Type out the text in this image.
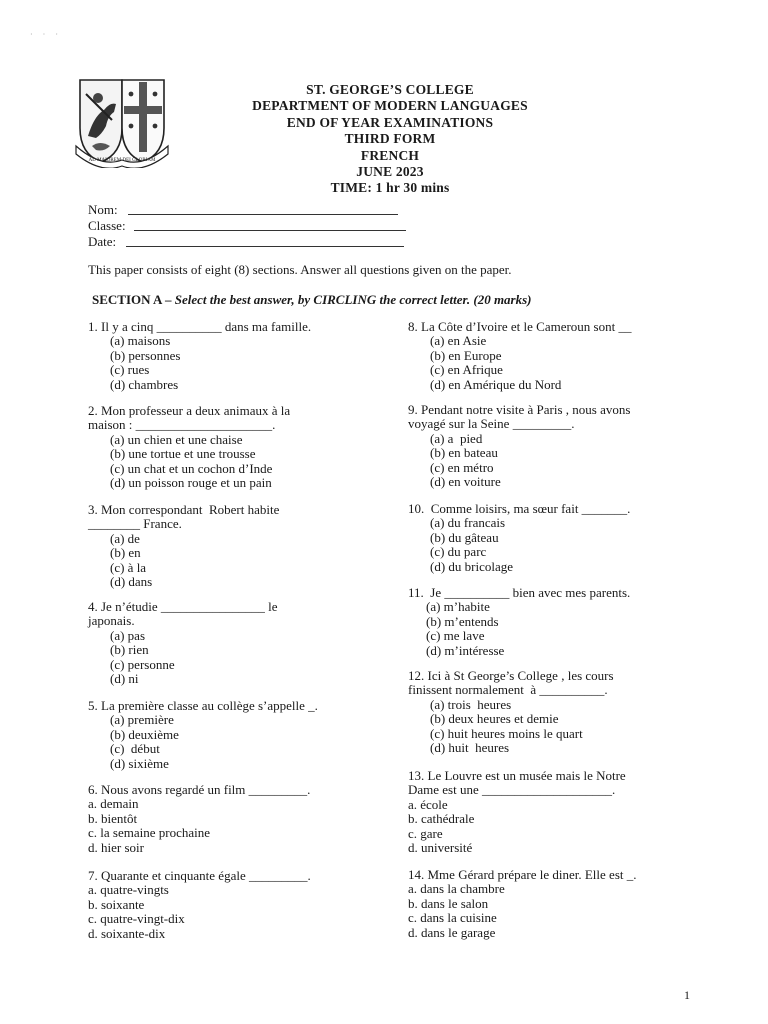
· · ·
AD MAIOREM DEI GLORIAM
ST. GEORGE’S COLLEGE
DEPARTMENT OF MODERN LANGUAGES
END OF YEAR EXAMINATIONS
THIRD FORM
FRENCH
JUNE 2023
TIME: 1 hr 30 mins
Nom:
Classe:
Date:
This paper consists of eight (8) sections. Answer all questions given on the paper.
SECTION A – Select the best answer, by CIRCLING the correct letter. (20 marks)
1. Il y a cinq __________ dans ma famille.
(a) maisons
(b) personnes
(c) rues
(d) chambres
2. Mon professeur a deux animaux à la
maison : _____________________.
(a) un chien et une chaise
(b) une tortue et une trousse
(c) un chat et un cochon d’Inde
(d) un poisson rouge et un pain
3. Mon correspondant  Robert habite
________ France.
(a) de
(b) en
(c) à la
(d) dans
4. Je n’étudie ________________ le
japonais.
(a) pas
(b) rien
(c) personne
(d) ni
5. La première classe au collège s’appelle _.
(a) première
(b) deuxième
(c)  début
(d) sixième
6. Nous avons regardé un film _________.
a. demain
b. bientôt
c. la semaine prochaine
d. hier soir
7. Quarante et cinquante égale _________.
a. quatre-vingts
b. soixante
c. quatre-vingt-dix
d. soixante-dix
8. La Côte d’Ivoire et le Cameroun sont __
(a) en Asie
(b) en Europe
(c) en Afrique
(d) en Amérique du Nord
9. Pendant notre visite à Paris , nous avons
voyagé sur la Seine _________.
(a) a  pied
(b) en bateau
(c) en métro
(d) en voiture
10.  Comme loisirs, ma sœur fait _______.
(a) du francais
(b) du gâteau
(c) du parc
(d) du bricolage
11.  Je __________ bien avec mes parents.
(a) m’habite
(b) m’entends
(c) me lave
(d) m’intéresse
12. Ici à St George’s College , les cours
finissent normalement  à __________.
(a) trois  heures
(b) deux heures et demie
(c) huit heures moins le quart
(d) huit  heures
13. Le Louvre est un musée mais le Notre
Dame est une ____________________.
a. école
b. cathédrale
c. gare
d. université
14. Mme Gérard prépare le diner. Elle est _.
a. dans la chambre
b. dans le salon
c. dans la cuisine
d. dans le garage
1
